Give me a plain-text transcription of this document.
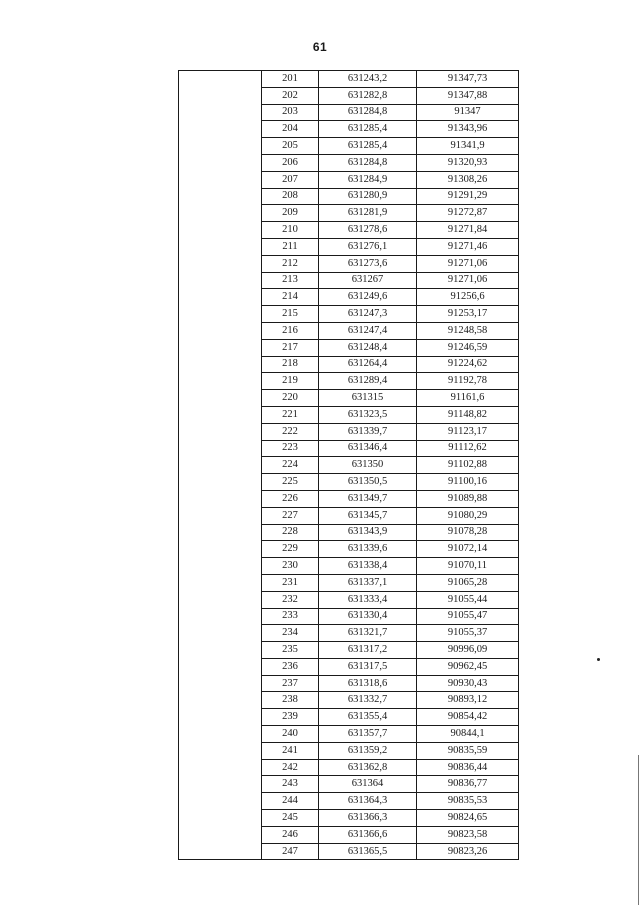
61
	201	631243,2	91347,73
	202	631282,8	91347,88
	203	631284,8	91347
	204	631285,4	91343,96
	205	631285,4	91341,9
	206	631284,8	91320,93
	207	631284,9	91308,26
	208	631280,9	91291,29
	209	631281,9	91272,87
	210	631278,6	91271,84
	211	631276,1	91271,46
	212	631273,6	91271,06
	213	631267	91271,06
	214	631249,6	91256,6
	215	631247,3	91253,17
	216	631247,4	91248,58
	217	631248,4	91246,59
	218	631264,4	91224,62
	219	631289,4	91192,78
	220	631315	91161,6
	221	631323,5	91148,82
	222	631339,7	91123,17
	223	631346,4	91112,62
	224	631350	91102,88
	225	631350,5	91100,16
	226	631349,7	91089,88
	227	631345,7	91080,29
	228	631343,9	91078,28
	229	631339,6	91072,14
	230	631338,4	91070,11
	231	631337,1	91065,28
	232	631333,4	91055,44
	233	631330,4	91055,47
	234	631321,7	91055,37
	235	631317,2	90996,09
	236	631317,5	90962,45
	237	631318,6	90930,43
	238	631332,7	90893,12
	239	631355,4	90854,42
	240	631357,7	90844,1
	241	631359,2	90835,59
	242	631362,8	90836,44
	243	631364	90836,77
	244	631364,3	90835,53
	245	631366,3	90824,65
	246	631366,6	90823,58
	247	631365,5	90823,26
